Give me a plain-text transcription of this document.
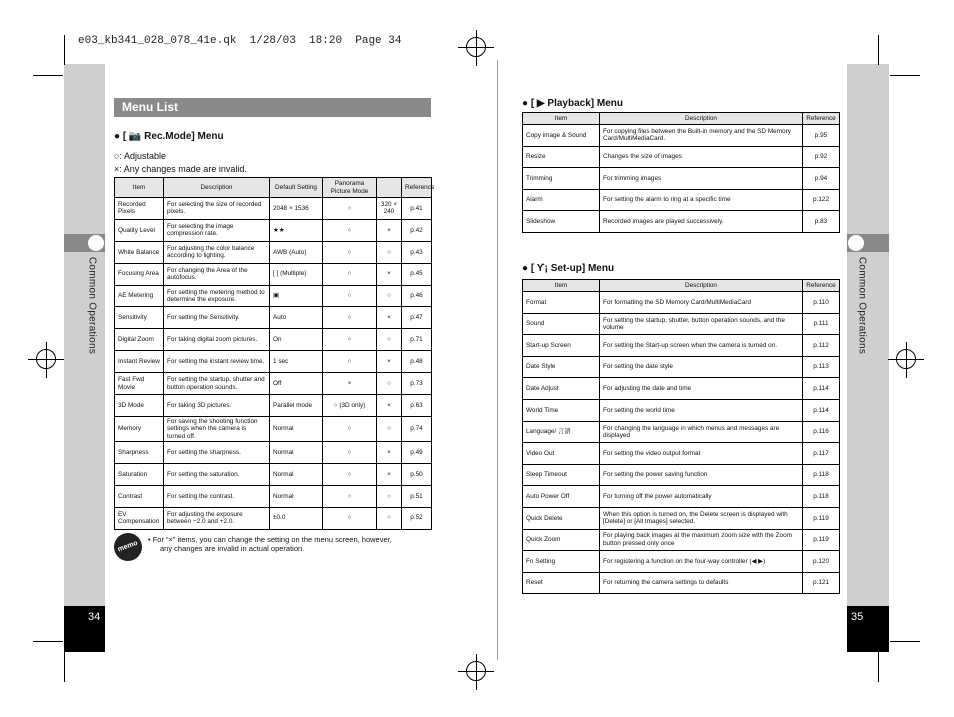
e03_kb341_028_078_41e.qk  1/28/03  18:20  Page 34
Common Operations
34
Common Operations
35
Menu List
● [ 📷 Rec.Mode] Menu
○: Adjustable
×: Any changes made are invalid.
Item	Description	Default Setting	Panorama Picture Mode		Reference
Recorded Pixels	For selecting the size of recorded pixels.	2048 × 1536	○	320 × 240	p.41
Quality Level	For selecting the image compression rate.	★★	○	×	p.42
White Balance	For adjusting the color balance according to lighting.	AWB (Auto)	○	○	p.43
Focusing Area	For changing the Area of the autofocus.	[ ] (Multiple)	○	×	p.45
AE Metering	For setting the metering method to determine the exposure.	▣	○	○	p.46
Sensitivity	For setting the Sensitivity.	Auto	○	×	p.47
Digital Zoom	For taking digital zoom pictures.	On	○	○	p.71
Instant Review	For setting the instant review time.	1 sec	○	×	p.48
Fast Fwd Movie	For setting the startup, shutter and button operation sounds.	Off	×	○	p.73
3D Mode	For taking 3D pictures.	Parallel mode	○ (3D only)	×	p.63
Memory	For saving the shooting function settings when the camera is turned off.	Normal	○	○	p.74
Sharpness	For setting the sharpness.	Normal	○	×	p.49
Saturation	For setting the saturation.	Normal	○	×	p.50
Contrast	For setting the contrast.	Normal	○	○	p.51
EV Compensation	For adjusting the exposure between −2.0 and +2.0.	±0.0	○	○	p.52
memo
• For “×” items, you can change the setting on the menu screen, however,
any changes are invalid in actual operation.
● [ ▶ Playback] Menu
Item	Description	Reference
Copy image & Sound	For copying files between the Built-in memory and the SD Memory Card/MultiMediaCard.	p.95
Resize	Changes the size of images	p.92
Trimming	For trimming images	p.94
Alarm	For setting the alarm to ring at a specific time	p.122
Slideshow	Recorded images are played successively.	p.83
● [ ϒ¡ Set-up] Menu
Item	Description	Reference
Format	For formatting the SD Memory Card/MultiMediaCard	p.110
Sound	For setting the startup, shutter, button operation sounds, and the volume	p.111
Start-up Screen	For setting the Start-up screen when the camera is turned on.	p.112
Date Style	For setting the date style	p.113
Date Adjust	For adjusting the date and time	p.114
World Time	For setting the world time	p.114
Language/ 言語	For changing the language in which menus and messages are displayed	p.116
Video Out	For setting the video output format	p.117
Sleep Timeout	For setting the power saving function	p.118
Auto Power Off	For turning off the power automatically	p.118
Quick Delete	When this option is turned on, the Delete screen is displayed with [Delete] or [All Images] selected.	p.119
Quick Zoom	For playing back images at the maximum zoom size with the Zoom button pressed only once	p.119
Fn Setting	For registering a function on the four-way controller (◀ ▶)	p.120
Reset	For returning the camera settings to defaults	p.121
